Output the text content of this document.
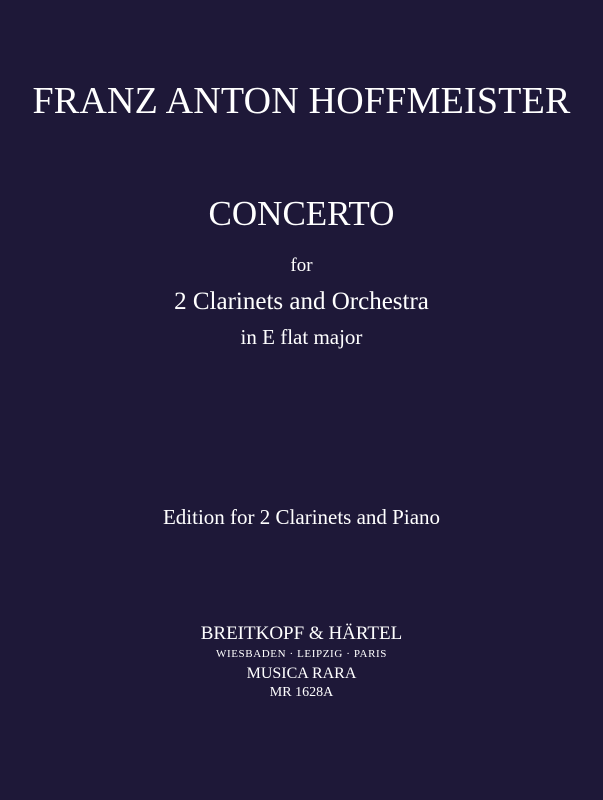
FRANZ ANTON HOFFMEISTER
CONCERTO
for
2 Clarinets and Orchestra
in E flat major
Edition for 2 Clarinets and Piano
BREITKOPF & HÄRTEL
WIESBADEN · LEIPZIG · PARIS
MUSICA RARA
MR 1628A
